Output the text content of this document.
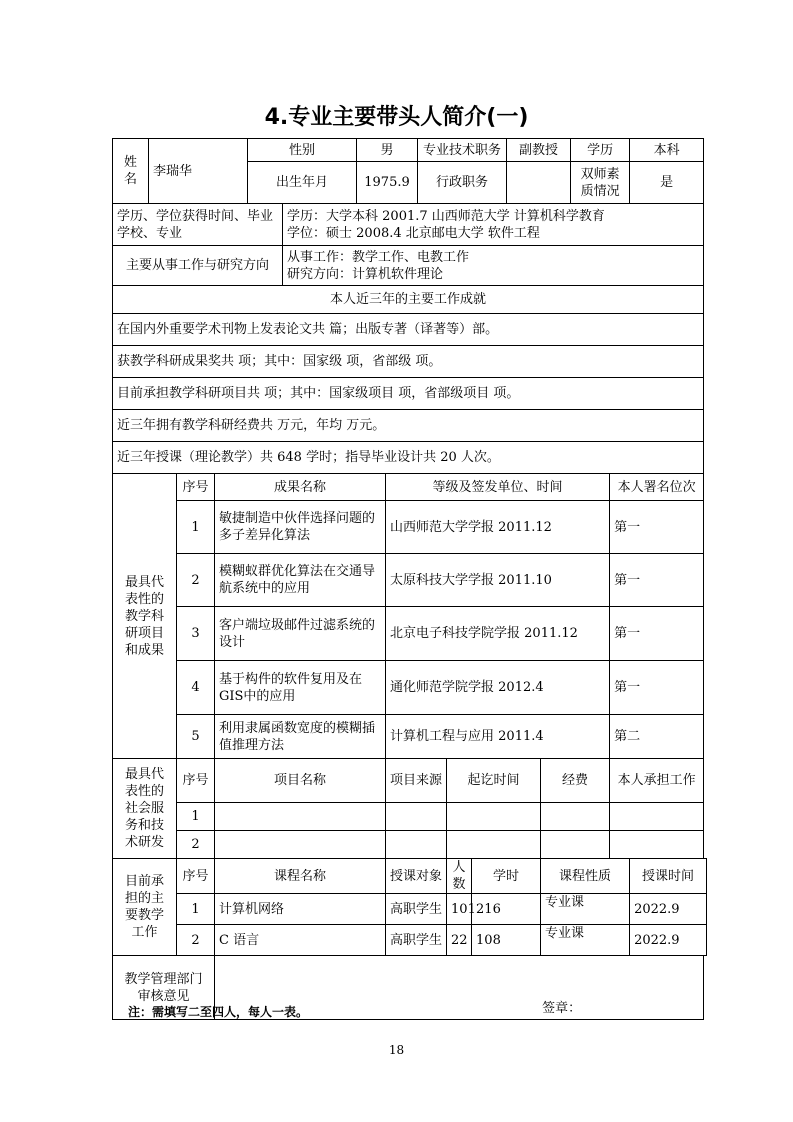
4.专业主要带头人简介(一)
姓名	李瑞华			性别		男		专业技术职务			副教授		学历		本科
				出生年月		1975.9		行政职务					双师素质情况		是
学历、学位获得时间、毕业学校、专业					学历：大学本科 2001.7 山西师范大学 计算机科学教育
学位：硕士 2008.4 北京邮电大学 软件工程										

主要从事工作与研究方向					从事工作：教学工作、电教工作
研究方向：计算机软件理论										

本人近三年的主要工作成就															
在国内外重要学术刊物上发表论文共 篇；出版专著（译著等）部。															
获教学科研成果奖共 项；其中：国家级 项，省部级 项。															
目前承担教学科研项目共 项；其中：国家级项目 项，省部级项目 项。															
近三年拥有教学科研经费共 万元，年均 万元。															
近三年授课（理论教学）共 648 学时；指导毕业设计共 20 人次。															
最具代表性的教学科研项目和成果		序号	成果名称				等级及签发单位、时间							本人署名位次	
		1	敏捷制造中伙伴选择问题的多子差异化算法				山西师范大学学报 2011.12							第一	
		2	模糊蚁群优化算法在交通导航系统中的应用				太原科技大学学报 2011.10							第一	
		3	客户端垃圾邮件过滤系统的设计				北京电子科技学院学报 2011.12							第一	
		4	基于构件的软件复用及在GIS中的应用				通化师范学院学报 2012.4							第一	
		5	利用隶属函数宽度的模糊插值推理方法				计算机工程与应用 2011.4							第二	
最具代表性的社会服务和技术研发		序号	项目名称				项目来源		起讫时间			经费		本人承担工作	
		1													
		2													
目前承担的主要教学工作		序号	课程名称				授课对象		人数	学时		课程性质			授课时间
		1	计算机网络				高职学生		101	216		专业课			2022.9
		2	C 语言				高职学生		22	108		专业课			2022.9
教学管理部门审核意见			签章：												
注：需填写二至四人，每人一表。
18
